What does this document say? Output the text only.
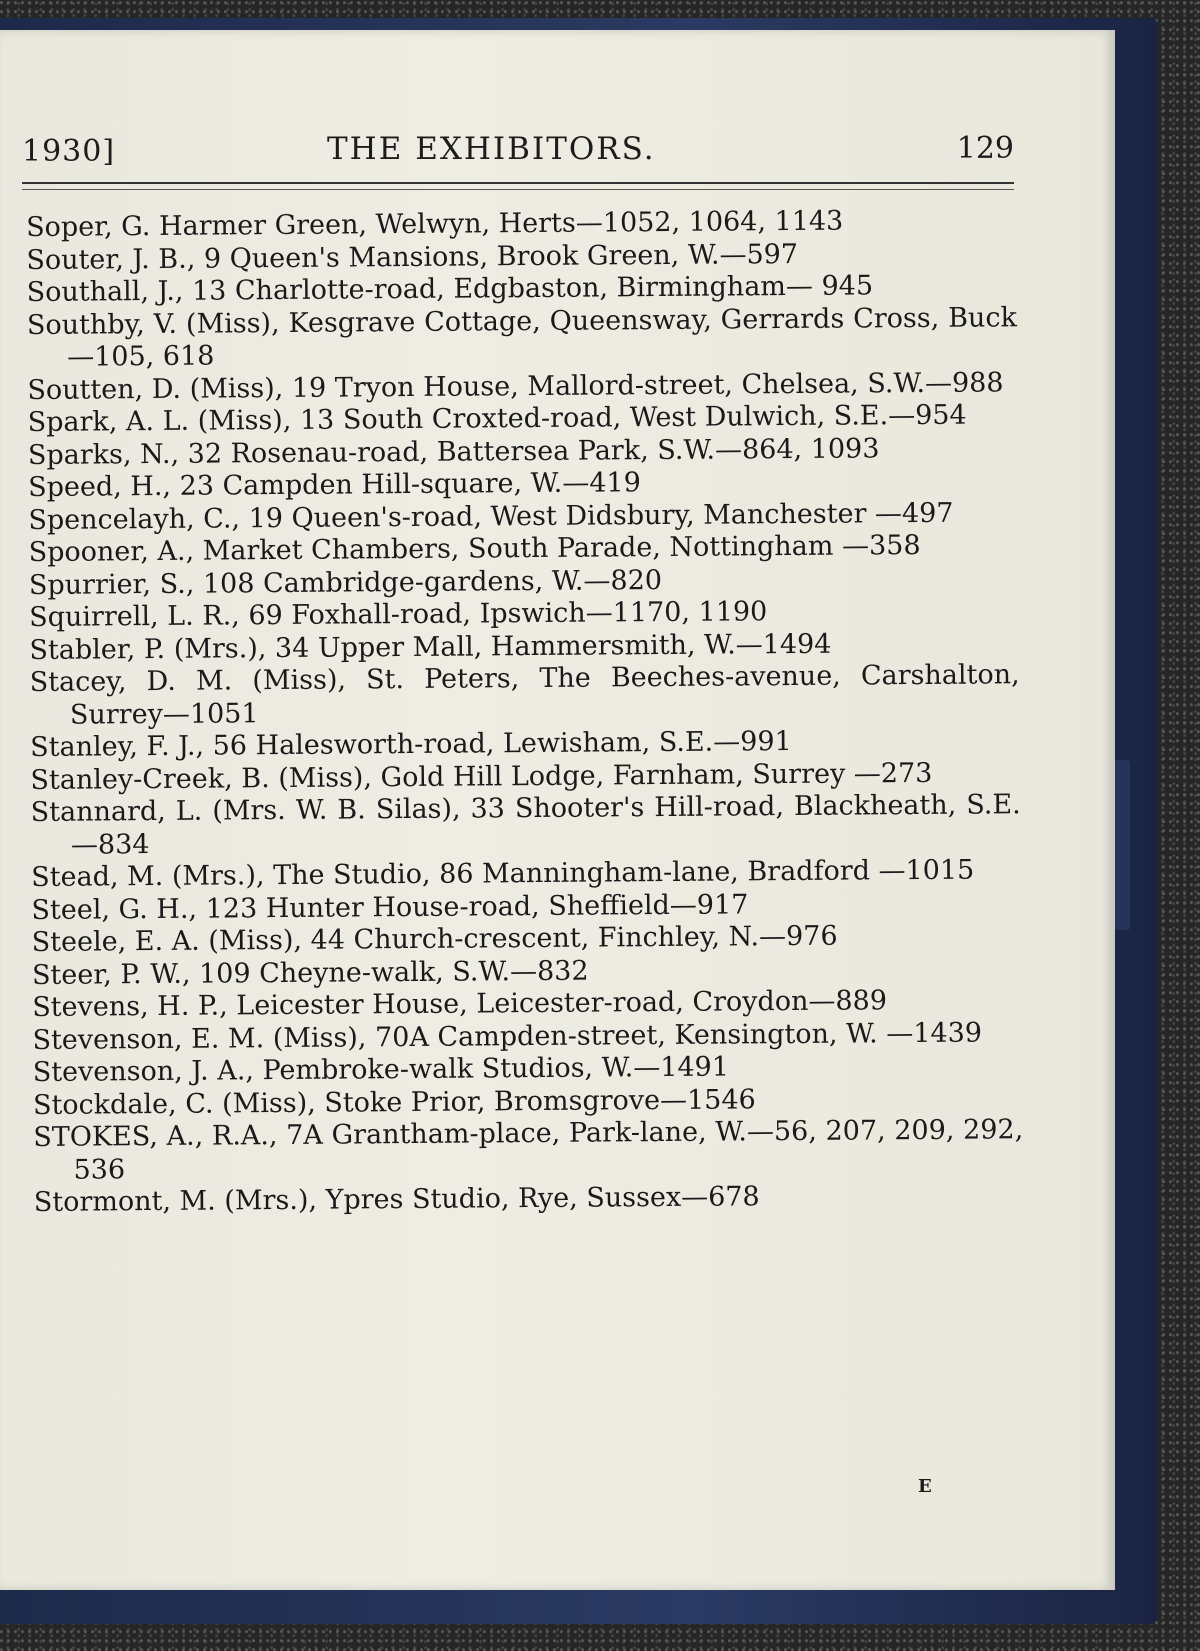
1930]	THE EXHIBITORS.	129

Soper, G. Harmer Green, Welwyn, Herts—1052, 1064, 1143

Souter, J. B., 9 Queen's Mansions, Brook Green, W.—597

Southall, J., 13 Charlotte-road, Edgbaston, Birmingham— 945

Southby, V. (Miss), Kesgrave Cottage, Queensway, Gerrards Cross, Buck—105, 618

Soutten, D. (Miss), 19 Tryon House, Mallord-street, Chelsea, S.W.—988

Spark, A. L. (Miss), 13 South Croxted-road, West Dulwich, S.E.—954

Sparks, N., 32 Rosenau-road, Battersea Park, S.W.—864, 1093

Speed, H., 23 Campden Hill-square, W.—419

Spencelayh, C., 19 Queen's-road, West Didsbury, Manchester —497

Spooner, A., Market Chambers, South Parade, Nottingham —358

Spurrier, S., 108 Cambridge-gardens, W.—820

Squirrell, L. R., 69 Foxhall-road, Ipswich—1170, 1190

Stabler, P. (Mrs.), 34 Upper Mall, Hammersmith, W.—1494

Stacey, D. M. (Miss), St. Peters, The Beeches-avenue, Carshalton, Surrey—1051

Stanley, F. J., 56 Halesworth-road, Lewisham, S.E.—991

Stanley-Creek, B. (Miss), Gold Hill Lodge, Farnham, Surrey —273

Stannard, L. (Mrs. W. B. Silas), 33 Shooter's Hill-road, Blackheath, S.E.—834

Stead, M. (Mrs.), The Studio, 86 Manningham-lane, Bradford —1015

Steel, G. H., 123 Hunter House-road, Sheffield—917

Steele, E. A. (Miss), 44 Church-crescent, Finchley, N.—976

Steer, P. W., 109 Cheyne-walk, S.W.—832

Stevens, H. P., Leicester House, Leicester-road, Croydon—889

Stevenson, E. M. (Miss), 70A Campden-street, Kensington, W. —1439

Stevenson, J. A., Pembroke-walk Studios, W.—1491

Stockdale, C. (Miss), Stoke Prior, Bromsgrove—1546

STOKES, A., R.A., 7A Grantham-place, Park-lane, W.—56, 207, 209, 292, 536

Stormont, M. (Mrs.), Ypres Studio, Rye, Sussex—678

E
